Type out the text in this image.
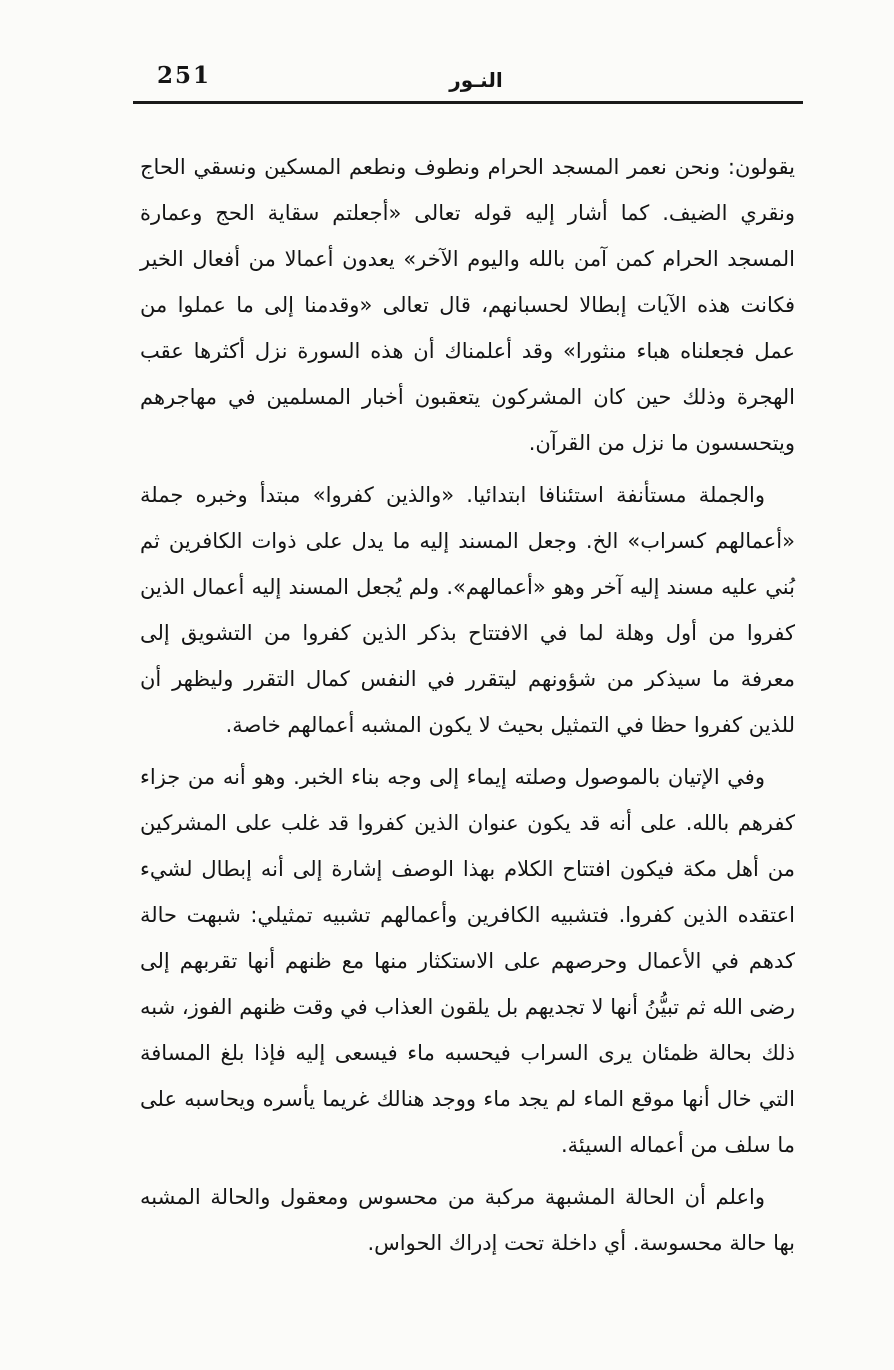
251	النـور

يقولون: ونحن نعمر المسجد الحرام ونطوف ونطعم المسكين ونسقي الحاج ونقري الضيف. كما أشار إليه قوله تعالى «أجعلتم سقاية الحج وعمارة المسجد الحرام كمن آمن بالله واليوم الآخر» يعدون أعمالا من أفعال الخير فكانت هذه الآيات إبطالا لحسبانهم، قال تعالى «وقدمنا إلى ما عملوا من عمل فجعلناه هباء منثورا» وقد أعلمناك أن هذه السورة نزل أكثرها عقب الهجرة وذلك حين كان المشركون يتعقبون أخبار المسلمين في مهاجرهم ويتحسسون ما نزل من القرآن.

والجملة مستأنفة استئنافا ابتدائيا. «والذين كفروا» مبتدأ وخبره جملة «أعمالهم كسراب» الخ. وجعل المسند إليه ما يدل على ذوات الكافرين ثم بُني عليه مسند إليه آخر وهو «أعمالهم». ولم يُجعل المسند إليه أعمال الذين كفروا من أول وهلة لما في الافتتاح بذكر الذين كفروا من التشويق إلى معرفة ما سيذكر من شؤونهم ليتقرر في النفس كمال التقرر وليظهر أن للذين كفروا حظا في التمثيل بحيث لا يكون المشبه أعمالهم خاصة.

وفي الإتيان بالموصول وصلته إيماء إلى وجه بناء الخبر. وهو أنه من جزاء كفرهم بالله. على أنه قد يكون عنوان الذين كفروا قد غلب على المشركين من أهل مكة فيكون افتتاح الكلام بهذا الوصف إشارة إلى أنه إبطال لشيء اعتقده الذين كفروا. فتشبيه الكافرين وأعمالهم تشبيه تمثيلي: شبهت حالة كدهم في الأعمال وحرصهم على الاستكثار منها مع ظنهم أنها تقربهم إلى رضى الله ثم تبيُّنُ أنها لا تجديهم بل يلقون العذاب في وقت ظنهم الفوز، شبه ذلك بحالة ظمئان يرى السراب فيحسبه ماء فيسعى إليه فإذا بلغ المسافة التي خال أنها موقع الماء لم يجد ماء ووجد هنالك غريما يأسره ويحاسبه على ما سلف من أعماله السيئة.

واعلم أن الحالة المشبهة مركبة من محسوس ومعقول والحالة المشبه بها حالة محسوسة. أي داخلة تحت إدراك الحواس.
